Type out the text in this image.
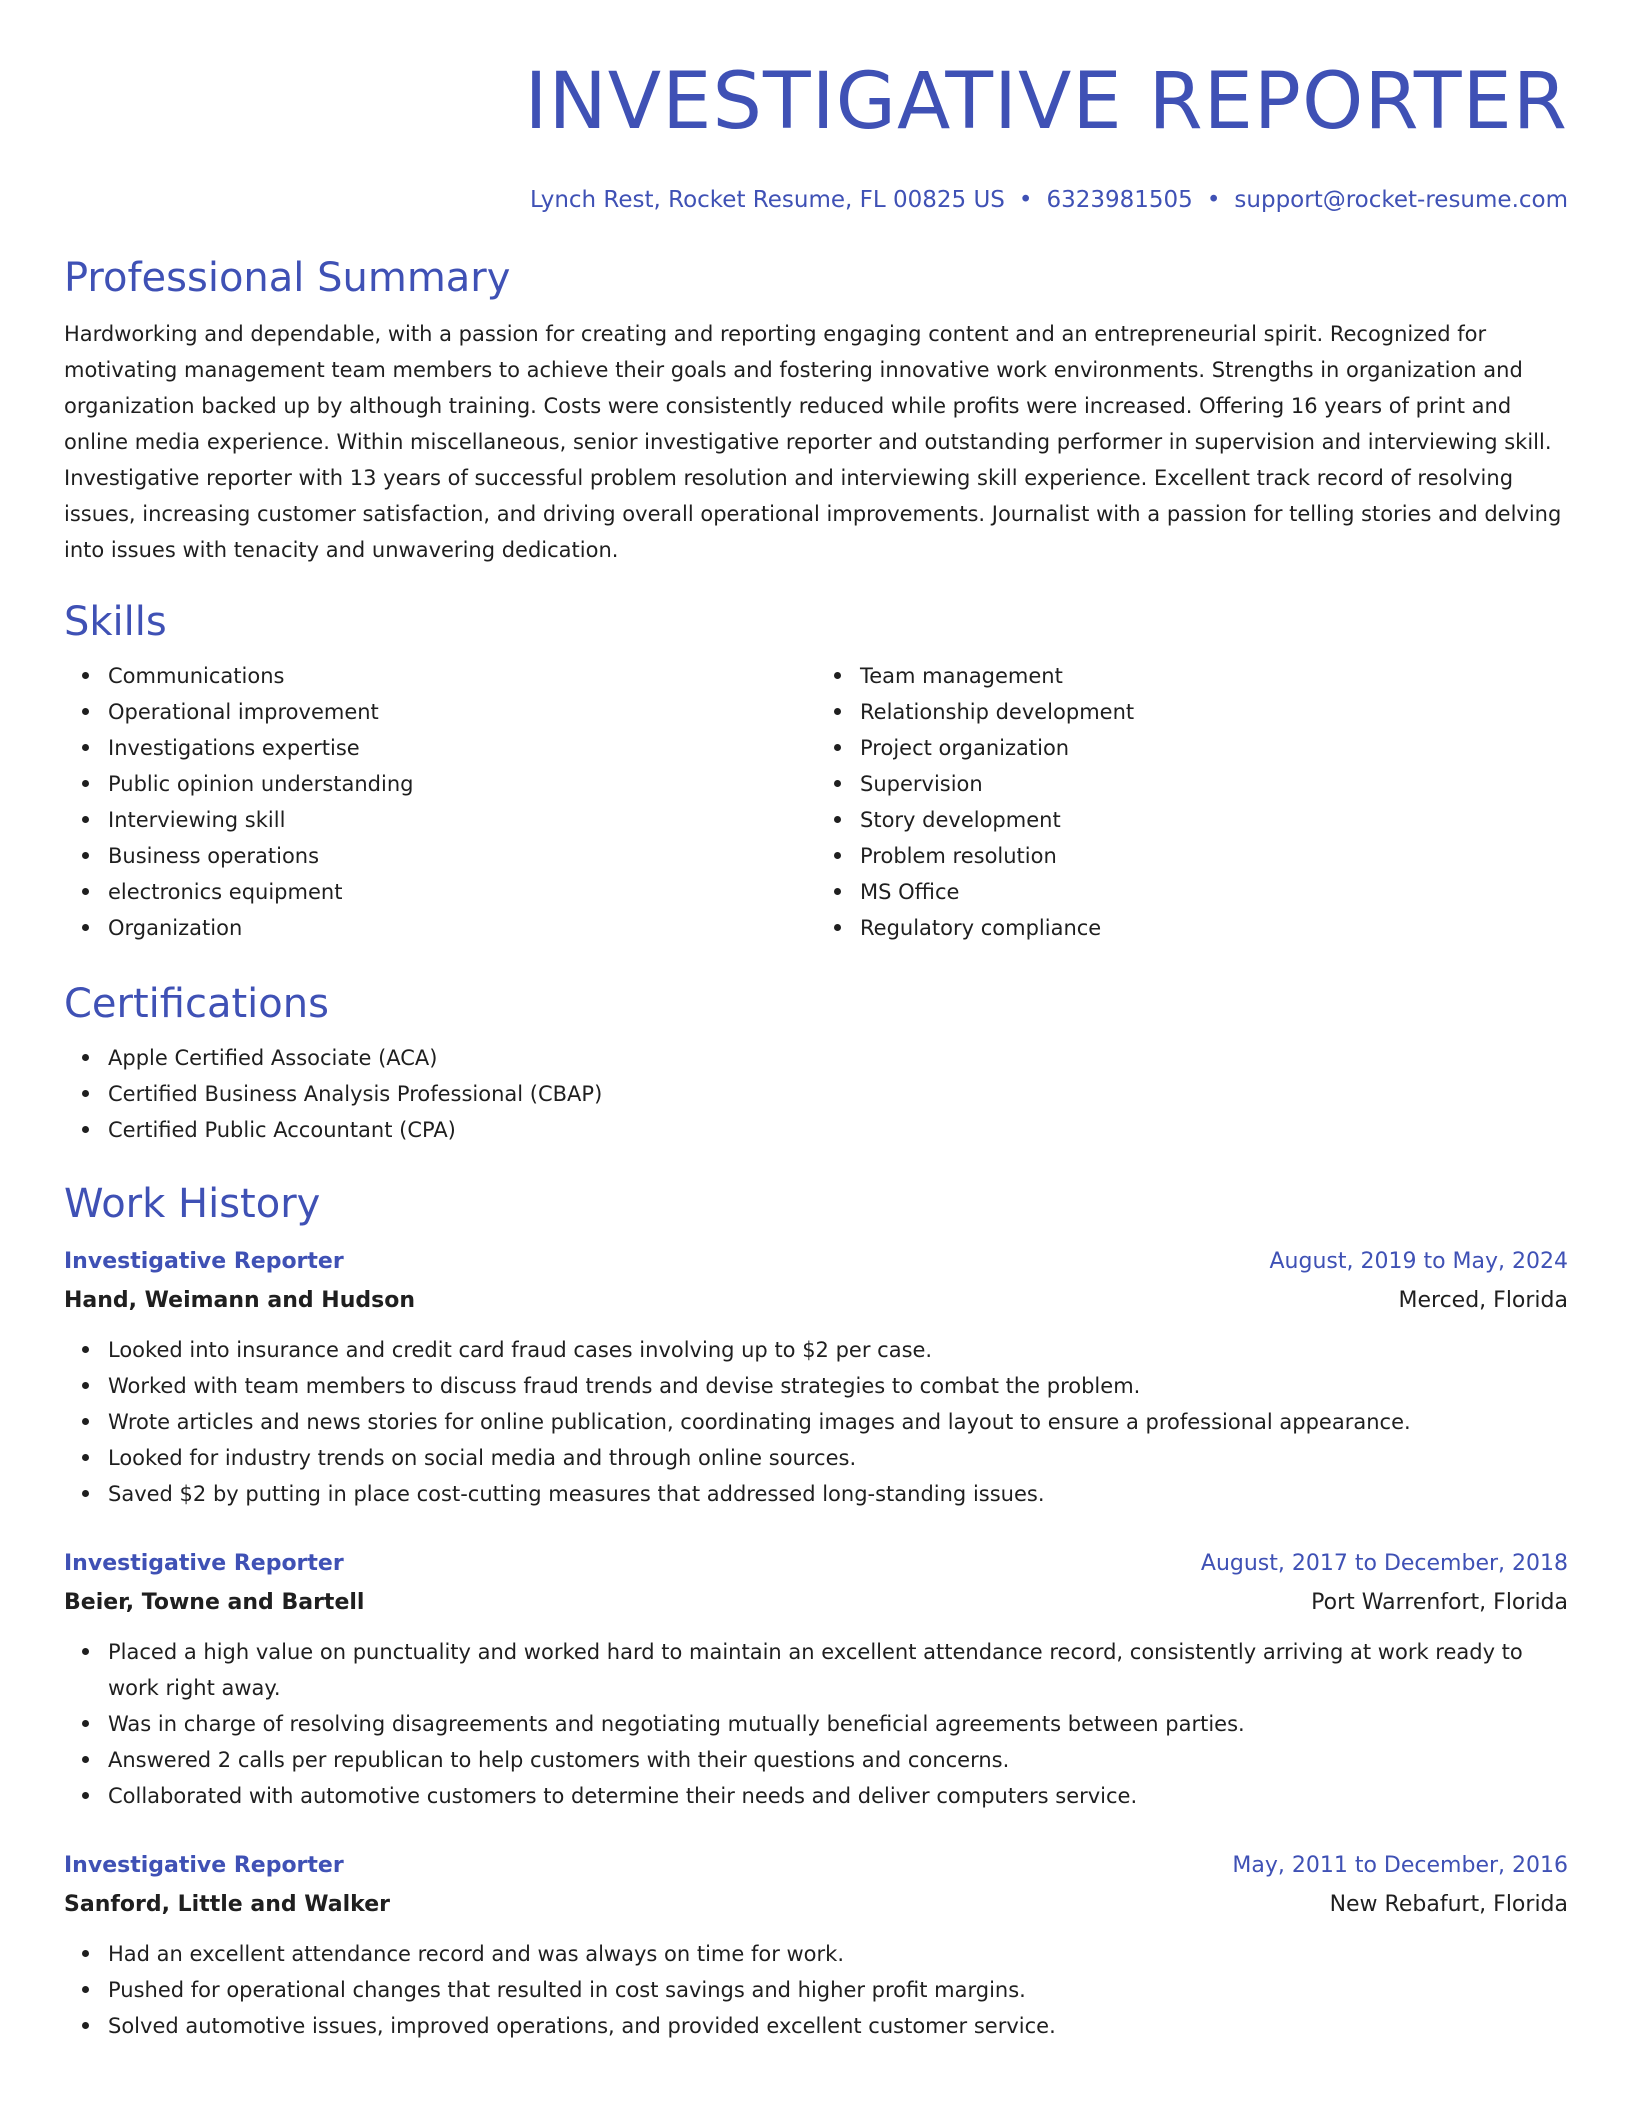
INVESTIGATIVE REPORTER
Lynch Rest, Rocket Resume, FL 00825 US • 6323981505 • support@rocket-resume.com
Professional Summary

Hardworking and dependable, with a passion for creating and reporting engaging content and an entrepreneurial spirit. Recognized for motivating management team members to achieve their goals and fostering innovative work environments. Strengths in organization and organization backed up by although training. Costs were consistently reduced while profits were increased. Offering 16 years of print and online media experience. Within miscellaneous, senior investigative reporter and outstanding performer in supervision and interviewing skill. Investigative reporter with 13 years of successful problem resolution and interviewing skill experience. Excellent track record of resolving issues, increasing customer satisfaction, and driving overall operational improvements. Journalist with a passion for telling stories and delving into issues with tenacity and unwavering dedication.

Skills
Communications
Operational improvement
Investigations expertise
Public opinion understanding
Interviewing skill
Business operations
electronics equipment
Organization
Team management
Relationship development
Project organization
Supervision
Story development
Problem resolution
MS Office
Regulatory compliance
Certifications
Apple Certified Associate (ACA)
Certified Business Analysis Professional (CBAP)
Certified Public Accountant (CPA)
Work History
Investigative Reporter	August, 2019 to May, 2024
Hand, Weimann and Hudson	Merced, Florida
Looked into insurance and credit card fraud cases involving up to $2 per case.
Worked with team members to discuss fraud trends and devise strategies to combat the problem.
Wrote articles and news stories for online publication, coordinating images and layout to ensure a professional appearance.
Looked for industry trends on social media and through online sources.
Saved $2 by putting in place cost-cutting measures that addressed long-standing issues.
Investigative Reporter	August, 2017 to December, 2018
Beier, Towne and Bartell	Port Warrenfort, Florida
Placed a high value on punctuality and worked hard to maintain an excellent attendance record, consistently arriving at work ready to work right away.
Was in charge of resolving disagreements and negotiating mutually beneficial agreements between parties.
Answered 2 calls per republican to help customers with their questions and concerns.
Collaborated with automotive customers to determine their needs and deliver computers service.
Investigative Reporter	May, 2011 to December, 2016
Sanford, Little and Walker	New Rebafurt, Florida
Had an excellent attendance record and was always on time for work.
Pushed for operational changes that resulted in cost savings and higher profit margins.
Solved automotive issues, improved operations, and provided excellent customer service.
